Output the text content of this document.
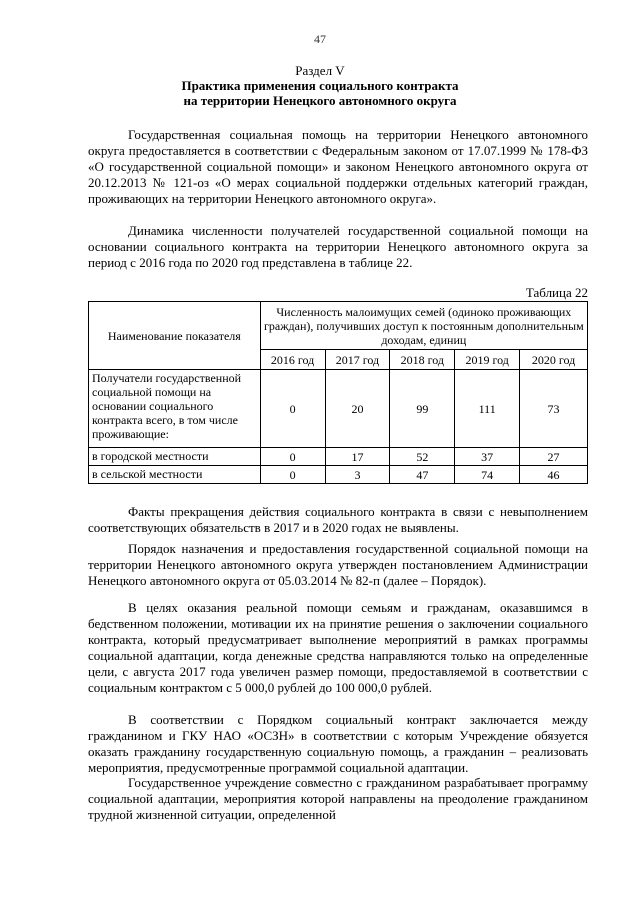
47
Раздел V
Практика применения социального контракта
на территории Ненецкого автономного округа
Государственная социальная помощь на территории Ненецкого автономного округа предоставляется в соответствии с Федеральным законом от 17.07.1999 № 178-ФЗ «О государственной социальной помощи» и законом Ненецкого автономного округа от 20.12.2013 № 121-оз «О мерах социальной поддержки отдельных категорий граждан, проживающих на территории Ненецкого автономного округа».
Динамика численности получателей государственной социальной помощи на основании социального контракта на территории Ненецкого автономного округа за период с 2016 года по 2020 год представлена в таблице 22.
Таблица 22
Наименование показателя	Численность малоимущих семей (одиноко проживающих граждан), получивших доступ к постоянным дополнительным доходам, единиц				
	2016 год	2017 год	2018 год	2019 год	2020 год
Получатели государственной социальной помощи на основании социального контракта всего, в том числе проживающие:	0	20	99	111	73
в городской местности	0	17	52	37	27
в сельской местности	0	3	47	74	46
Факты прекращения действия социального контракта в связи с невыполнением соответствующих обязательств в 2017 и в 2020 годах не выявлены.
Порядок назначения и предоставления государственной социальной помощи на территории Ненецкого автономного округа утвержден постановлением Администрации Ненецкого автономного округа от 05.03.2014 № 82-п (далее – Порядок).
В целях оказания реальной помощи семьям и гражданам, оказавшимся в бедственном положении, мотивации их на принятие решения о заключении социального контракта, который предусматривает выполнение мероприятий в рамках программы социальной адаптации, когда денежные средства направляются только на определенные цели, с августа 2017 года увеличен размер помощи, предоставляемой в соответствии с социальным контрактом с 5 000,0 рублей до 100 000,0 рублей.
В соответствии с Порядком социальный контракт заключается между гражданином и ГКУ НАО «ОСЗН» в соответствии с которым Учреждение обязуется оказать гражданину государственную социальную помощь, а гражданин – реализовать мероприятия, предусмотренные программой социальной адаптации.
Государственное учреждение совместно с гражданином разрабатывает программу социальной адаптации, мероприятия которой направлены на преодоление гражданином трудной жизненной ситуации, определенной
